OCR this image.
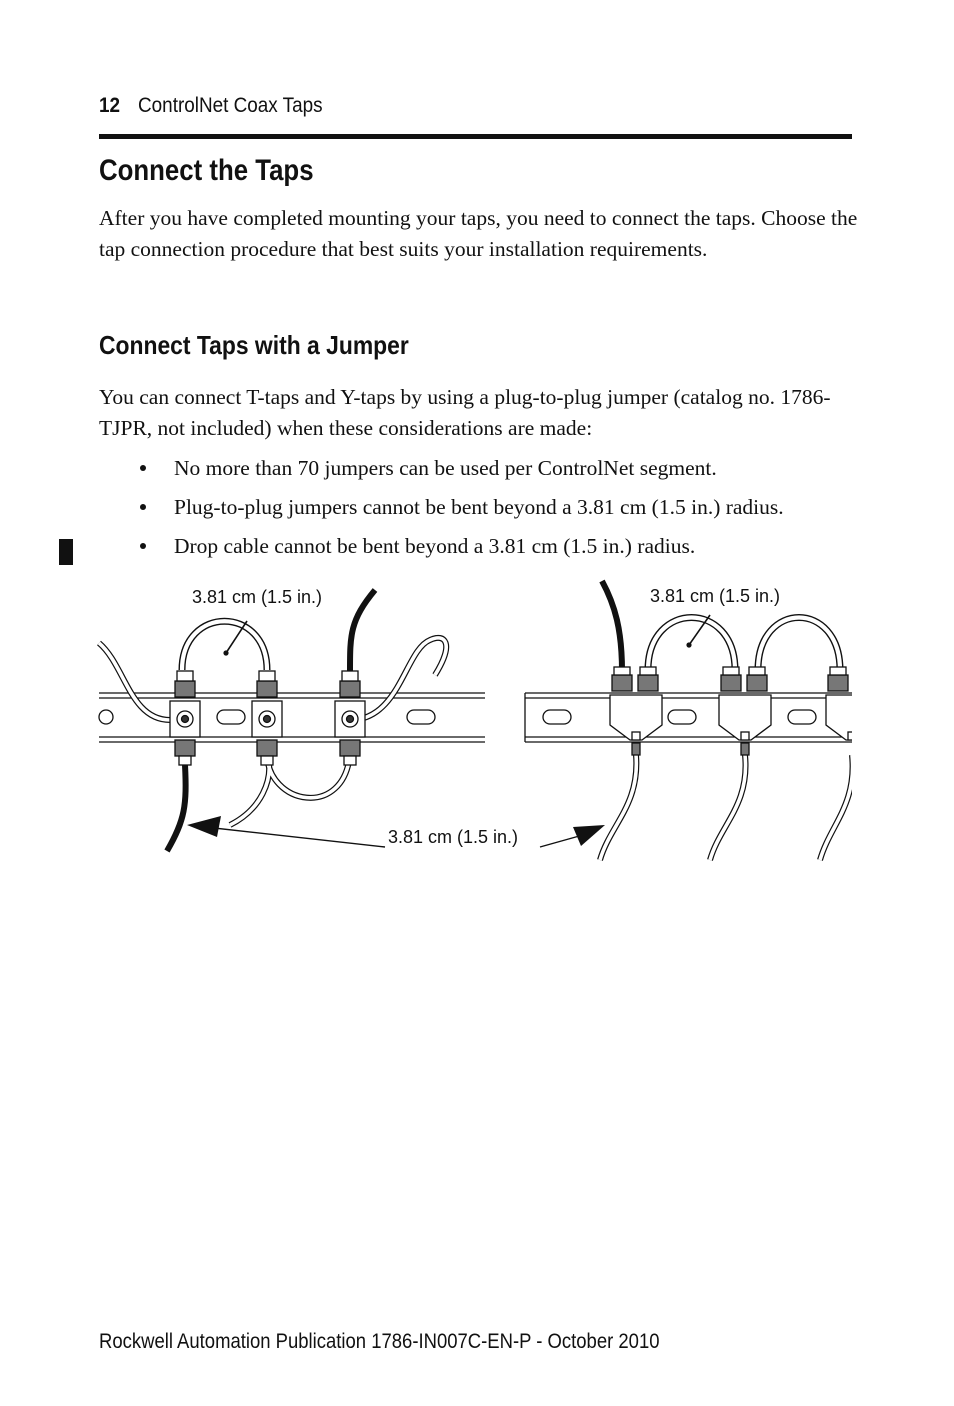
12 ControlNet Coax Taps
Connect the Taps

After you have completed mounting your taps, you need to connect the taps. Choose the tap connection procedure that best suits your installation requirements.

Connect Taps with a Jumper

You can connect T-taps and Y-taps by using a plug-to-plug jumper (catalog no. 1786-TJPR, not included) when these considerations are made:

No more than 70 jumpers can be used per ControlNet segment.
Plug-to-plug jumpers cannot be bent beyond a 3.81 cm (1.5 in.) radius.
Drop cable cannot be bent beyond a 3.81 cm (1.5 in.) radius.
3.81 cm (1.5 in.)
3.81 cm (1.5 in.)
3.81 cm (1.5 in.)
Rockwell Automation Publication 1786-IN007C-EN-P - October 2010
